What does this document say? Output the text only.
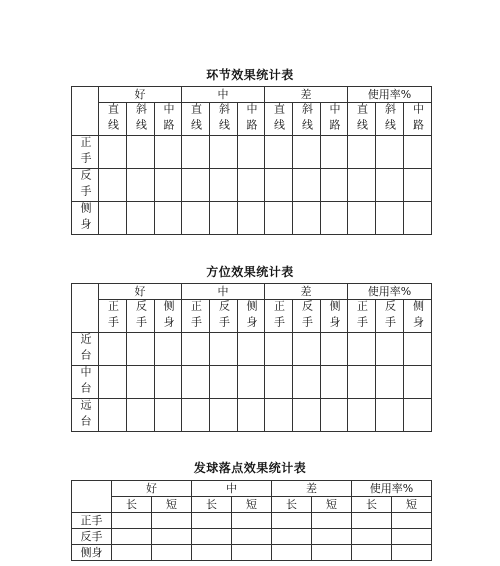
环节效果统计表
	好			中			差			使用率%		
	直线	斜线	中路	直线	斜线	中路	直线	斜线	中路	直线	斜线	中路
正手												
反手												
侧身												
方位效果统计表
	好			中			差			使用率%		
	正手	反手	侧身	正手	反手	侧身	正手	反手	侧身	正手	反手	侧身
近台												
中台												
远台												
发球落点效果统计表
	好		中		差		使用率%	
	长	短	长	短	长	短	长	短
正手								
反手								
侧身								
